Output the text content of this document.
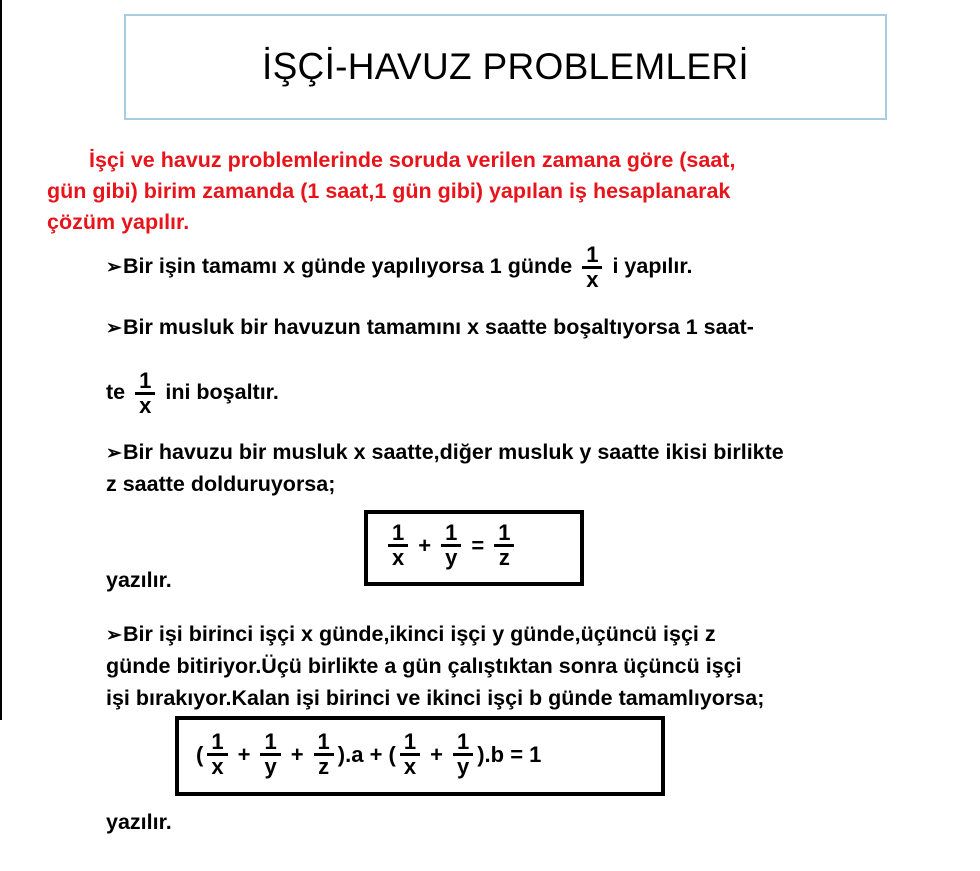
İŞÇİ-HAVUZ PROBLEMLERİ
İşçi ve havuz problemlerinde soruda verilen zamana göre (saat,
gün gibi) birim zamanda (1 saat,1 gün gibi) yapılan iş hesaplanarak
çözüm yapılır.
➢Bir işin tamamı x günde yapılıyorsa 1 günde $\frac{1}{x}$ i yapılır.
➢Bir musluk bir havuzun tamamını x saatte boşaltıyorsa 1 saat-
te $\frac{1}{x}$ ini boşaltır.
➢Bir havuzu bir musluk x saatte,diğer musluk y saatte ikisi birlikte
z saatte dolduruyorsa;
$\frac{1}{x} + \frac{1}{y} = \frac{1}{z}$
yazılır.
➢Bir işi birinci işçi x günde,ikinci işçi y günde,üçüncü işçi z
günde bitiriyor.Üçü birlikte a gün çalıştıktan sonra üçüncü işçi
işi bırakıyor.Kalan işi birinci ve ikinci işçi b günde tamamlıyorsa;
( $\frac{1}{x} + \frac{1}{y} + \frac{1}{z} ).a$ + ( $\frac{1}{x} + \frac{1}{y} ).b = 1$
yazılır.
